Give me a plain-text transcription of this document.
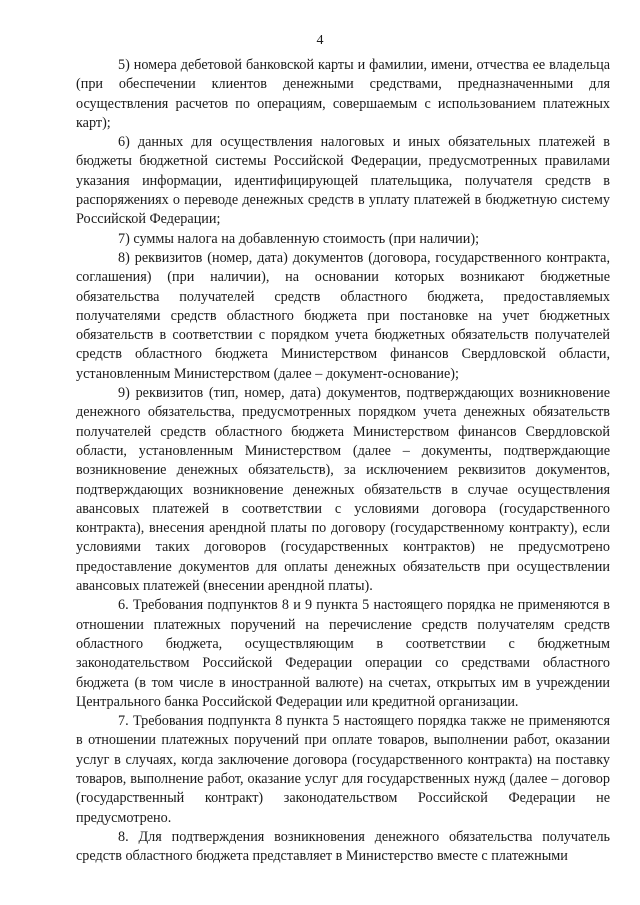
4

5) номера дебетовой банковской карты и фамилии, имени, отчества ее владельца (при обеспечении клиентов денежными средствами, предназначенными для осуществления расчетов по операциям, совершаемым с использованием платежных карт);

6) данных для осуществления налоговых и иных обязательных платежей в бюджеты бюджетной системы Российской Федерации, предусмотренных правилами указания информации, идентифицирующей плательщика, получателя средств в распоряжениях о переводе денежных средств в уплату платежей в бюджетную систему Российской Федерации;

7) суммы налога на добавленную стоимость (при наличии);

8) реквизитов (номер, дата) документов (договора, государственного контракта, соглашения) (при наличии), на основании которых возникают бюджетные обязательства получателей средств областного бюджета, предоставляемых получателями средств областного бюджета при постановке на учет бюджетных обязательств в соответствии с порядком учета бюджетных обязательств получателей средств областного бюджета Министерством финансов Свердловской области, установленным Министерством (далее – документ-основание);

9) реквизитов (тип, номер, дата) документов, подтверждающих возникновение денежного обязательства, предусмотренных порядком учета денежных обязательств получателей средств областного бюджета Министерством финансов Свердловской области, установленным Министерством (далее – документы, подтверждающие возникновение денежных обязательств), за исключением реквизитов документов, подтверждающих возникновение денежных обязательств в случае осуществления авансовых платежей в соответствии с условиями договора (государственного контракта), внесения арендной платы по договору (государственному контракту), если условиями таких договоров (государственных контрактов) не предусмотрено предоставление документов для оплаты денежных обязательств при осуществлении авансовых платежей (внесении арендной платы).

6. Требования подпунктов 8 и 9 пункта 5 настоящего порядка не применяются в отношении платежных поручений на перечисление средств получателям средств областного бюджета, осуществляющим в соответствии с бюджетным законодательством Российской Федерации операции со средствами областного бюджета (в том числе в иностранной валюте) на счетах, открытых им в учреждении Центрального банка Российской Федерации или кредитной организации.

7. Требования подпункта 8 пункта 5 настоящего порядка также не применяются в отношении платежных поручений при оплате товаров, выполнении работ, оказании услуг в случаях, когда заключение договора (государственного контракта) на поставку товаров, выполнение работ, оказание услуг для государственных нужд (далее – договор (государственный контракт) законодательством Российской Федерации не предусмотрено.

8. Для подтверждения возникновения денежного обязательства получатель средств областного бюджета представляет в Министерство вместе с платежными
